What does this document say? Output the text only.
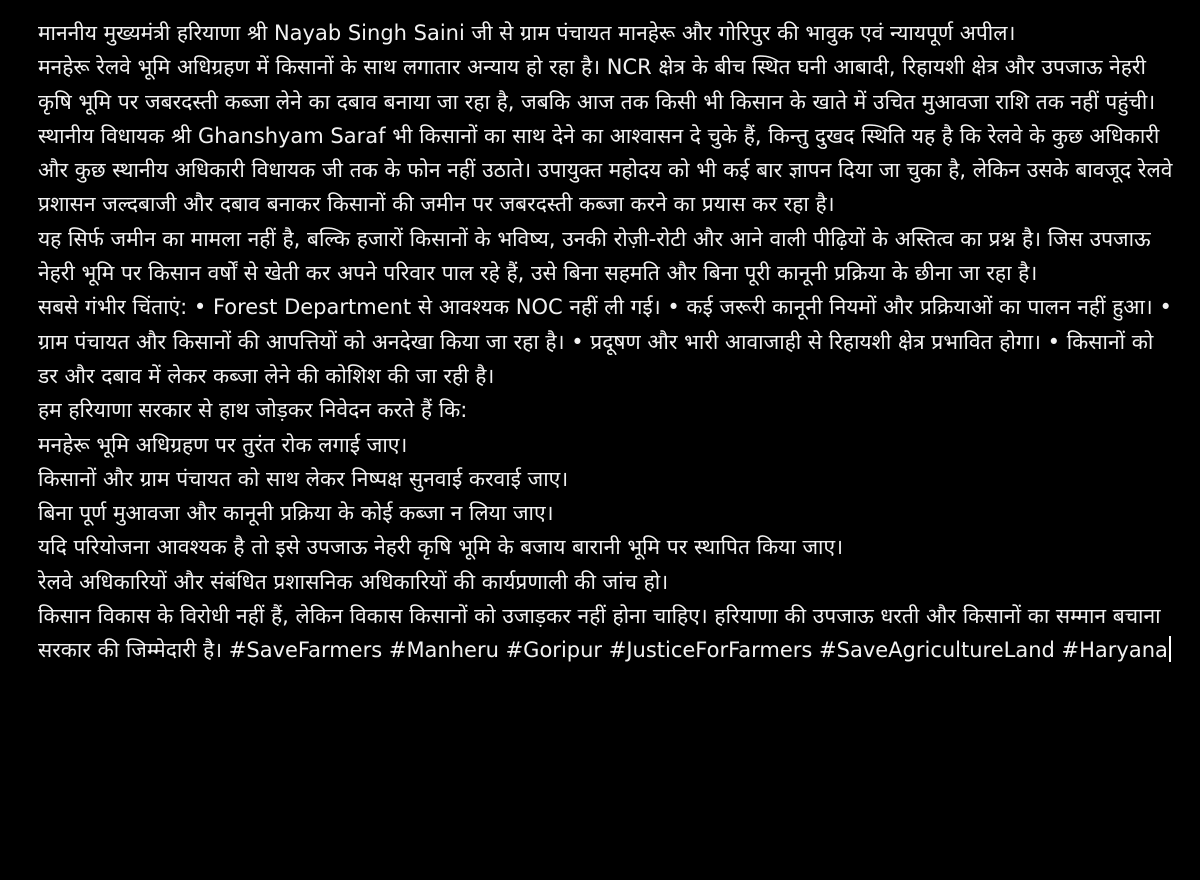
माननीय मुख्यमंत्री हरियाणा श्री Nayab Singh Saini जी से ग्राम पंचायत मानहेरू और गोरिपुर की भावुक एवं न्यायपूर्ण अपील।

मनहेरू रेलवे भूमि अधिग्रहण में किसानों के साथ लगातार अन्याय हो रहा है। NCR क्षेत्र के बीच स्थित घनी आबादी, रिहायशी क्षेत्र और उपजाऊ नेहरी कृषि भूमि पर जबरदस्ती कब्जा लेने का दबाव बनाया जा रहा है, जबकि आज तक किसी भी किसान के खाते में उचित मुआवजा राशि तक नहीं पहुंची।

स्थानीय विधायक श्री Ghanshyam Saraf भी किसानों का साथ देने का आश्वासन दे चुके हैं, किन्तु दुखद स्थिति यह है कि रेलवे के कुछ अधिकारी और कुछ स्थानीय अधिकारी विधायक जी तक के फोन नहीं उठाते। उपायुक्त महोदय को भी कई बार ज्ञापन दिया जा चुका है, लेकिन उसके बावजूद रेलवे प्रशासन जल्दबाजी और दबाव बनाकर किसानों की जमीन पर जबरदस्ती कब्जा करने का प्रयास कर रहा है।

यह सिर्फ जमीन का मामला नहीं है, बल्कि हजारों किसानों के भविष्य, उनकी रोज़ी-रोटी और आने वाली पीढ़ियों के अस्तित्व का प्रश्न है। जिस उपजाऊ नेहरी भूमि पर किसान वर्षों से खेती कर अपने परिवार पाल रहे हैं, उसे बिना सहमति और बिना पूरी कानूनी प्रक्रिया के छीना जा रहा है।

सबसे गंभीर चिंताएं: • Forest Department से आवश्यक NOC नहीं ली गई। • कई जरूरी कानूनी नियमों और प्रक्रियाओं का पालन नहीं हुआ। • ग्राम पंचायत और किसानों की आपत्तियों को अनदेखा किया जा रहा है। • प्रदूषण और भारी आवाजाही से रिहायशी क्षेत्र प्रभावित होगा। • किसानों को डर और दबाव में लेकर कब्जा लेने की कोशिश की जा रही है।

हम हरियाणा सरकार से हाथ जोड़कर निवेदन करते हैं कि:

मनहेरू भूमि अधिग्रहण पर तुरंत रोक लगाई जाए।

किसानों और ग्राम पंचायत को साथ लेकर निष्पक्ष सुनवाई करवाई जाए।

बिना पूर्ण मुआवजा और कानूनी प्रक्रिया के कोई कब्जा न लिया जाए।

यदि परियोजना आवश्यक है तो इसे उपजाऊ नेहरी कृषि भूमि के बजाय बारानी भूमि पर स्थापित किया जाए।

रेलवे अधिकारियों और संबंधित प्रशासनिक अधिकारियों की कार्यप्रणाली की जांच हो।

किसान विकास के विरोधी नहीं हैं, लेकिन विकास किसानों को उजाड़कर नहीं होना चाहिए। हरियाणा की उपजाऊ धरती और किसानों का सम्मान बचाना सरकार की जिम्मेदारी है। #SaveFarmers #Manheru #Goripur #JusticeForFarmers #SaveAgricultureLand #Haryana
